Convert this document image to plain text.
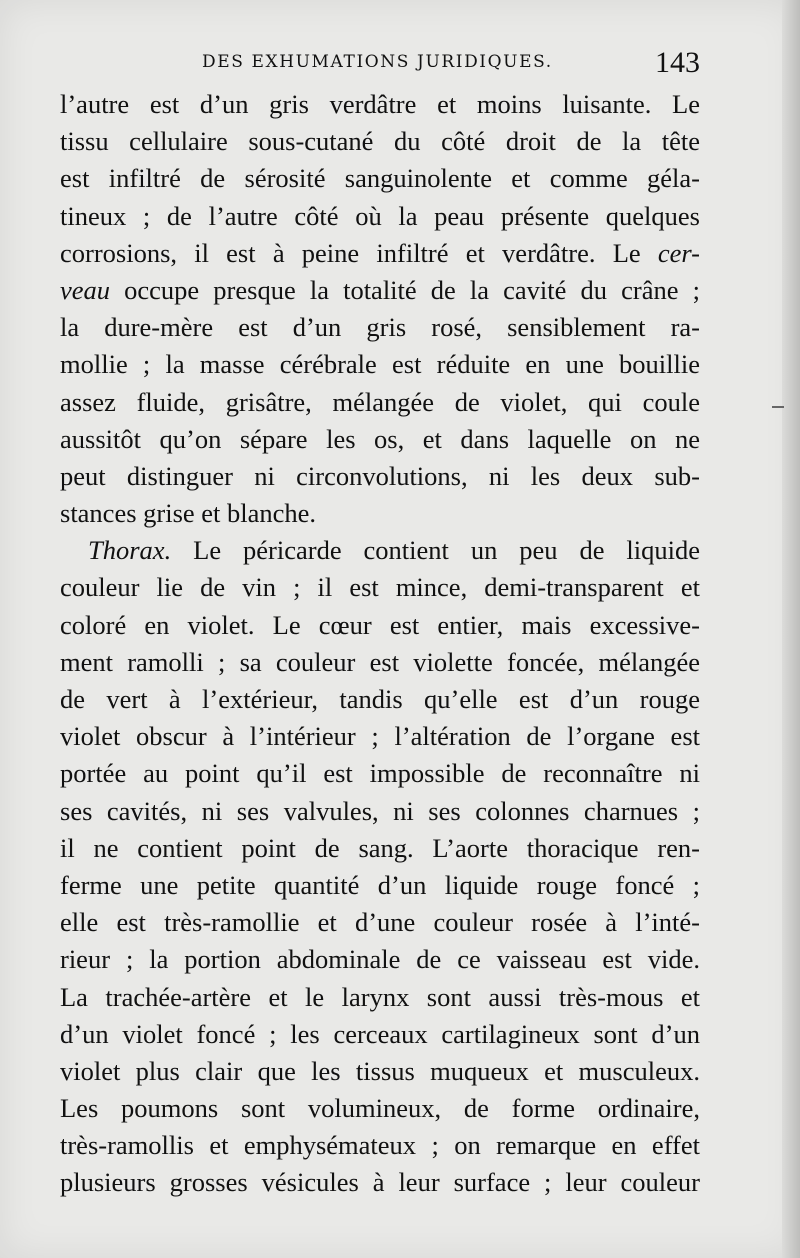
DES EXHUMATIONS JURIDIQUES.	143
l’autre est d’un gris verdâtre et moins luisante. Le
tissu cellulaire sous-cutané du côté droit de la tête
est infiltré de sérosité sanguinolente et comme géla-
tineux ; de l’autre côté où la peau présente quelques
corrosions, il est à peine infiltré et verdâtre. Le cer-
veau occupe presque la totalité de la cavité du crâne ;
la dure-mère est d’un gris rosé, sensiblement ra-
mollie ; la masse cérébrale est réduite en une bouillie
assez fluide, grisâtre, mélangée de violet, qui coule
aussitôt qu’on sépare les os, et dans laquelle on ne
peut distinguer ni circonvolutions, ni les deux sub-
stances grise et blanche.
Thorax. Le péricarde contient un peu de liquide
couleur lie de vin ; il est mince, demi-transparent et
coloré en violet. Le cœur est entier, mais excessive-
ment ramolli ; sa couleur est violette foncée, mélangée
de vert à l’extérieur, tandis qu’elle est d’un rouge
violet obscur à l’intérieur ; l’altération de l’organe est
portée au point qu’il est impossible de reconnaître ni
ses cavités, ni ses valvules, ni ses colonnes charnues ;
il ne contient point de sang. L’aorte thoracique ren-
ferme une petite quantité d’un liquide rouge foncé ;
elle est très-ramollie et d’une couleur rosée à l’inté-
rieur ; la portion abdominale de ce vaisseau est vide.
La trachée-artère et le larynx sont aussi très-mous et
d’un violet foncé ; les cerceaux cartilagineux sont d’un
violet plus clair que les tissus muqueux et musculeux.
Les poumons sont volumineux, de forme ordinaire,
très-ramollis et emphysémateux ; on remarque en effet
plusieurs grosses vésicules à leur surface ; leur couleur
